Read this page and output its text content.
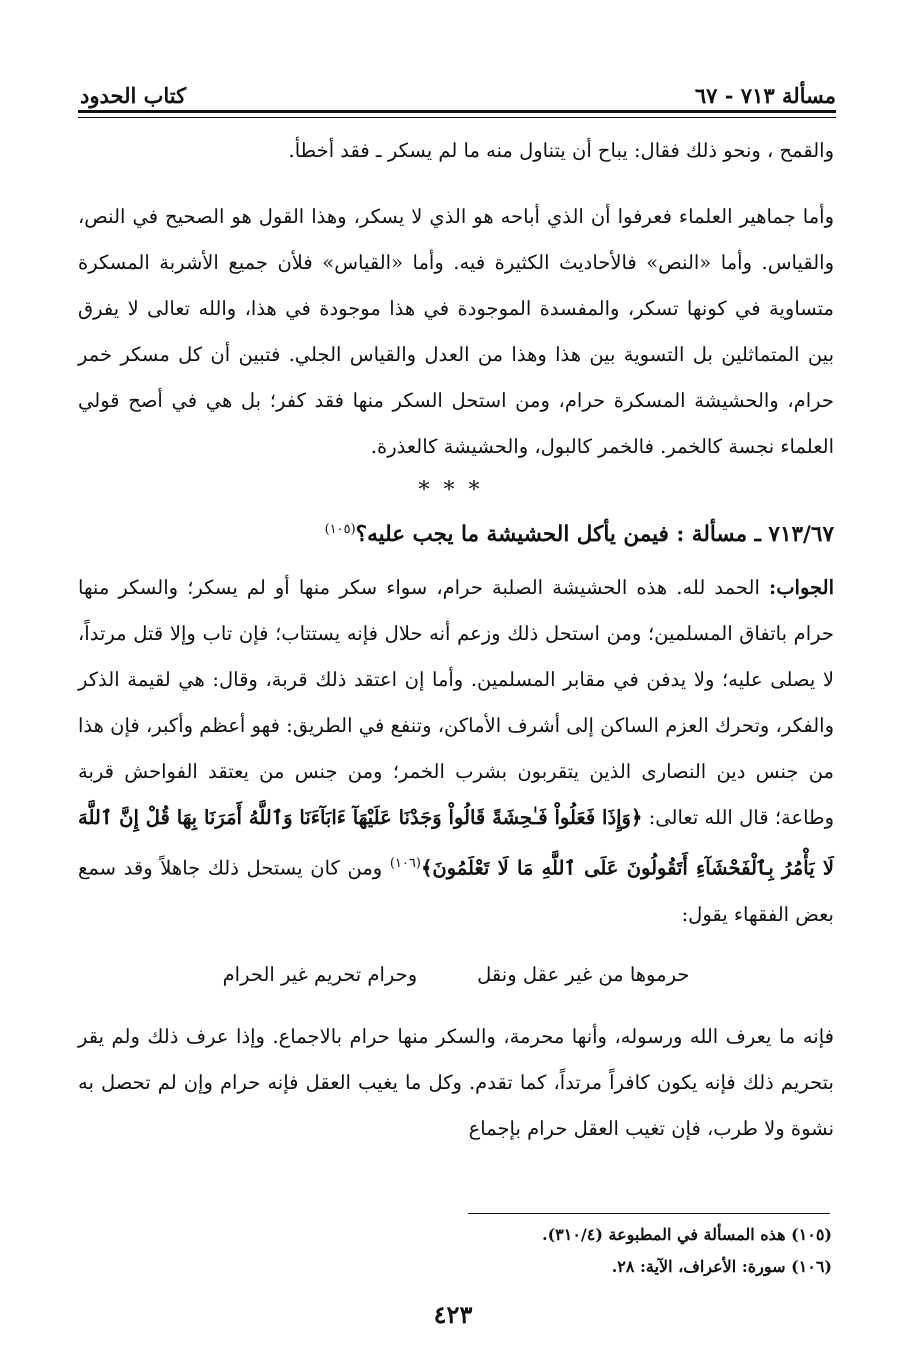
مسألة ٧١٣ - ٦٧
كتاب الحدود

والقمح ، ونحو ذلك فقال: يباح أن يتناول منه ما لم يسكر ـ فقد أخطأ.

وأما جماهير العلماء فعرفوا أن الذي أباحه هو الذي لا يسكر، وهذا القول هو الصحيح في النص، والقياس. وأما «النص» فالأحاديث الكثيرة فيه. وأما «القياس» فلأن جميع الأشربة المسكرة متساوية في كونها تسكر، والمفسدة الموجودة في هذا موجودة في هذا، والله تعالى لا يفرق بين المتماثلين بل التسوية بين هذا وهذا من العدل والقياس الجلي. فتبين أن كل مسكر خمر حرام، والحشيشة المسكرة حرام، ومن استحل السكر منها فقد كفر؛ بل هي في أصح قولي العلماء نجسة كالخمر. فالخمر كالبول، والحشيشة كالعذرة.

***

٧١٣/٦٧ ـ مسألة : فيمن يأكل الحشيشة ما يجب عليه؟$^{(١٠٥)}$

الجواب: الحمد لله. هذه الحشيشة الصلبة حرام، سواء سكر منها أو لم يسكر؛ والسكر منها حرام باتفاق المسلمين؛ ومن استحل ذلك وزعم أنه حلال فإنه يستتاب؛ فإن تاب وإلا قتل مرتداً، لا يصلى عليه؛ ولا يدفن في مقابر المسلمين. وأما إن اعتقد ذلك قربة، وقال: هي لقيمة الذكر والفكر، وتحرك العزم الساكن إلى أشرف الأماكن، وتنفع في الطريق: فهو أعظم وأكبر، فإن هذا من جنس دين النصارى الذين يتقربون بشرب الخمر؛ ومن جنس من يعتقد الفواحش قربة وطاعة؛ قال الله تعالى: ﴿وَإِذَا فَعَلُواْ فَـٰحِشَةً قَالُواْ وَجَدْنَا عَلَيْهَآ ءَابَآءَنَا وَٱللَّهُ أَمَرَنَا بِهَا قُلْ إِنَّ ٱللَّهَ لَا يَأْمُرُ بِٱلْفَحْشَآءِ أَتَقُولُونَ عَلَى ٱللَّهِ مَا لَا تَعْلَمُونَ﴾$^{(١٠٦)}$ ومن كان يستحل ذلك جاهلاً وقد سمع بعض الفقهاء يقول:

حرموها من غير عقل ونقل
وحرام تحريم غير الحرام

فإنه ما يعرف الله ورسوله، وأنها محرمة، والسكر منها حرام بالاجماع. وإذا عرف ذلك ولم يقر بتحريم ذلك فإنه يكون كافراً مرتداً، كما تقدم. وكل ما يغيب العقل فإنه حرام وإن لم تحصل به نشوة ولا طرب، فإن تغيب العقل حرام بإجماع

(١٠٥) هذه المسألة في المطبوعة (٣١٠/٤).

(١٠٦) سورة: الأعراف، الآية: ٢٨.

٤٢٣
